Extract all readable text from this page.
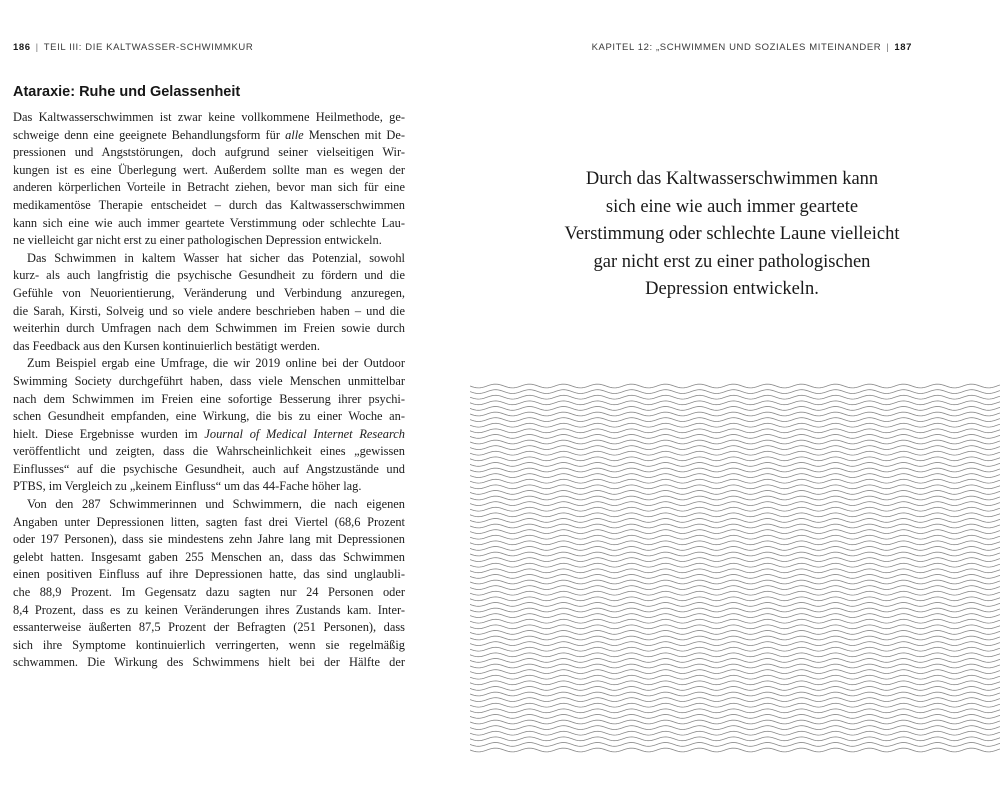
186 | TEIL III: DIE KALTWASSER-SCHWIMMKUR	KAPITEL 12: „SCHWIMMEN UND SOZIALES MITEINANDER | 187
Ataraxie: Ruhe und Gelassenheit

Das Kaltwasserschwimmen ist zwar keine vollkommene Heilmethode, ge-
schweige denn eine geeignete Behandlungsform für alle Menschen mit De-
pressionen und Angststörungen, doch aufgrund seiner vielseitigen Wir-
kungen ist es eine Überlegung wert. Außerdem sollte man es wegen der
anderen körperlichen Vorteile in Betracht ziehen, bevor man sich für eine
medikamentöse Therapie entscheidet – durch das Kaltwasserschwimmen
kann sich eine wie auch immer geartete Verstimmung oder schlechte Lau-
ne vielleicht gar nicht erst zu einer pathologischen Depression entwickeln.

Das Schwimmen in kaltem Wasser hat sicher das Potenzial, sowohl
kurz- als auch langfristig die psychische Gesundheit zu fördern und die
Gefühle von Neuorientierung, Veränderung und Verbindung anzuregen,
die Sarah, Kirsti, Solveig und so viele andere beschrieben haben – und die
weiterhin durch Umfragen nach dem Schwimmen im Freien sowie durch
das Feedback aus den Kursen kontinuierlich bestätigt werden.

Zum Beispiel ergab eine Umfrage, die wir 2019 online bei der Outdoor
Swimming Society durchgeführt haben, dass viele Menschen unmittelbar
nach dem Schwimmen im Freien eine sofortige Besserung ihrer psychi-
schen Gesundheit empfanden, eine Wirkung, die bis zu einer Woche an-
hielt. Diese Ergebnisse wurden im Journal of Medical Internet Research
veröffentlicht und zeigten, dass die Wahrscheinlichkeit eines „gewissen
Einflusses“ auf die psychische Gesundheit, auch auf Angstzustände und
PTBS, im Vergleich zu „keinem Einfluss“ um das 44-Fache höher lag.

Von den 287 Schwimmerinnen und Schwimmern, die nach eigenen
Angaben unter Depressionen litten, sagten fast drei Viertel (68,6 Prozent
oder 197 Personen), dass sie mindestens zehn Jahre lang mit Depressionen
gelebt hatten. Insgesamt gaben 255 Menschen an, dass das Schwimmen
einen positiven Einfluss auf ihre Depressionen hatte, das sind unglaubli-
che 88,9 Prozent. Im Gegensatz dazu sagten nur 24 Personen oder
8,4 Prozent, dass es zu keinen Veränderungen ihres Zustands kam. Inter-
essanterweise äußerten 87,5 Prozent der Befragten (251 Personen), dass
sich ihre Symptome kontinuierlich verringerten, wenn sie regelmäßig
schwammen. Die Wirkung des Schwimmens hielt bei der Hälfte der

Durch das Kaltwasserschwimmen kann
sich eine wie auch immer geartete
Verstimmung oder schlechte Laune vielleicht
gar nicht erst zu einer pathologischen
Depression entwickeln.
